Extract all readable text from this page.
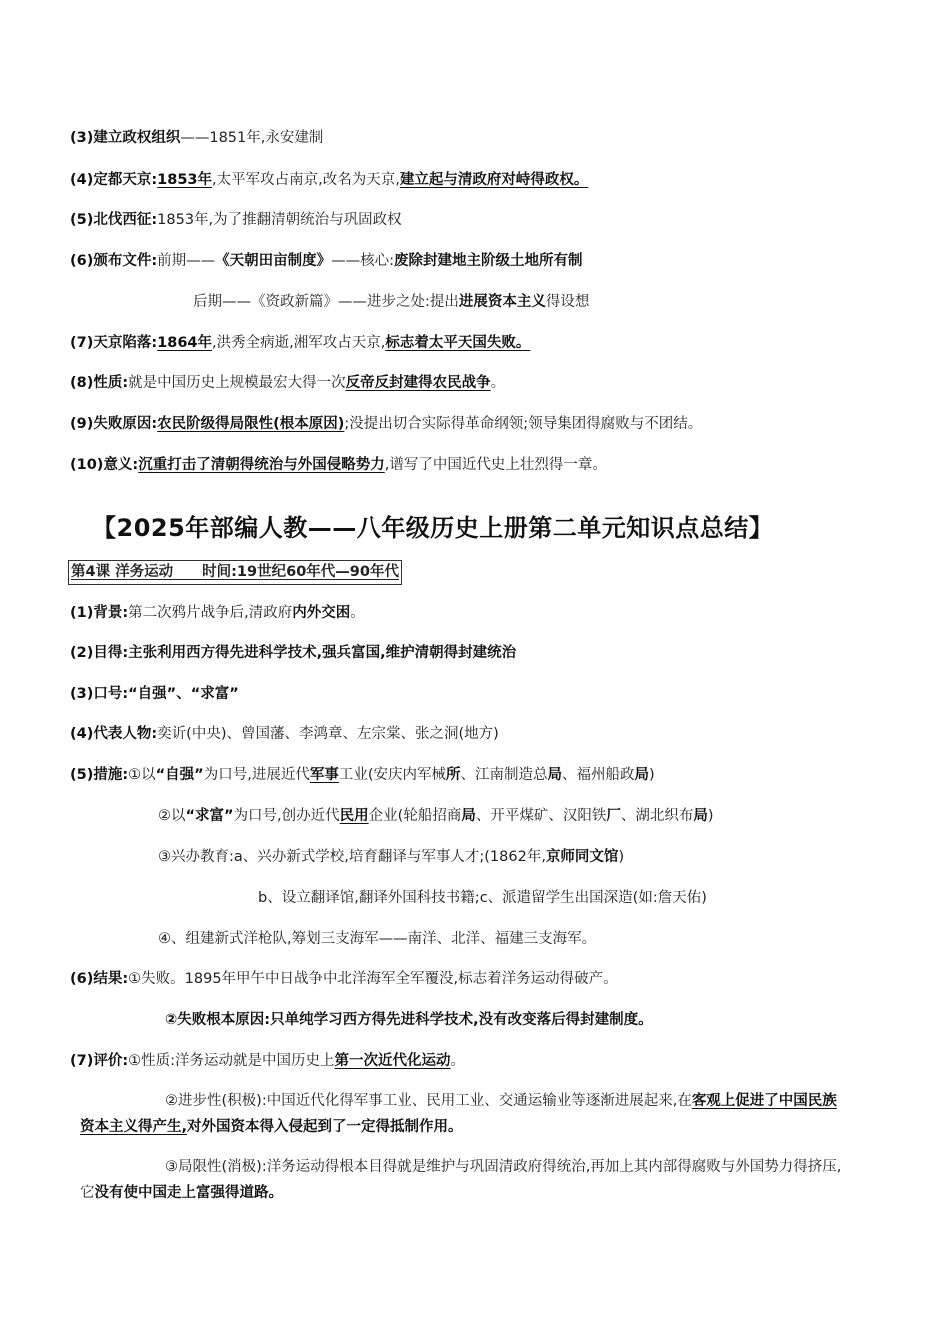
(3)建立政权组织——1851年,永安建制
(4)定都天京:1853年,太平军攻占南京,改名为天京,建立起与清政府对峙得政权。
(5)北伐西征:1853年,为了推翻清朝统治与巩固政权
(6)颁布文件:前期——《天朝田亩制度》——核心:废除封建地主阶级土地所有制
后期——《资政新篇》——进步之处:提出进展资本主义得设想
(7)天京陷落:1864年,洪秀全病逝,湘军攻占天京,标志着太平天国失败。
(8)性质:就是中国历史上规模最宏大得一次反帝反封建得农民战争。
(9)失败原因:农民阶级得局限性(根本原因);没提出切合实际得革命纲领;领导集团得腐败与不团结。
(10)意义:沉重打击了清朝得统治与外国侵略势力,谱写了中国近代史上壮烈得一章。
【2025年部编人教——八年级历史上册第二单元知识点总结】
第4课 洋务运动　　时间:19世纪60年代—90年代
(1)背景:第二次鸦片战争后,清政府内外交困。
(2)目得:主张利用西方得先进科学技术,强兵富国,维护清朝得封建统治
(3)口号:“自强”、“求富”
(4)代表人物:奕䜣(中央)、曾国藩、李鸿章、左宗棠、张之洞(地方)
(5)措施:①以“自强”为口号,进展近代军事工业(安庆内军械所、江南制造总局、福州船政局)
②以“求富”为口号,创办近代民用企业(轮船招商局、开平煤矿、汉阳铁厂、湖北织布局)
③兴办教育:a、兴办新式学校,培育翻译与军事人才;(1862年,京师同文馆)
b、设立翻译馆,翻译外国科技书籍;c、派遣留学生出国深造(如:詹天佑)
④、组建新式洋枪队,筹划三支海军——南洋、北洋、福建三支海军。
(6)结果:①失败。1895年甲午中日战争中北洋海军全军覆没,标志着洋务运动得破产。
②失败根本原因:只单纯学习西方得先进科学技术,没有改变落后得封建制度。
(7)评价:①性质:洋务运动就是中国历史上第一次近代化运动。
②进步性(积极):中国近代化得军事工业、民用工业、交通运输业等逐渐进展起来,在客观上促进了中国民族资本主义得产生,对外国资本得入侵起到了一定得抵制作用。
③局限性(消极):洋务运动得根本目得就是维护与巩固清政府得统治,再加上其内部得腐败与外国势力得挤压,它没有使中国走上富强得道路。
